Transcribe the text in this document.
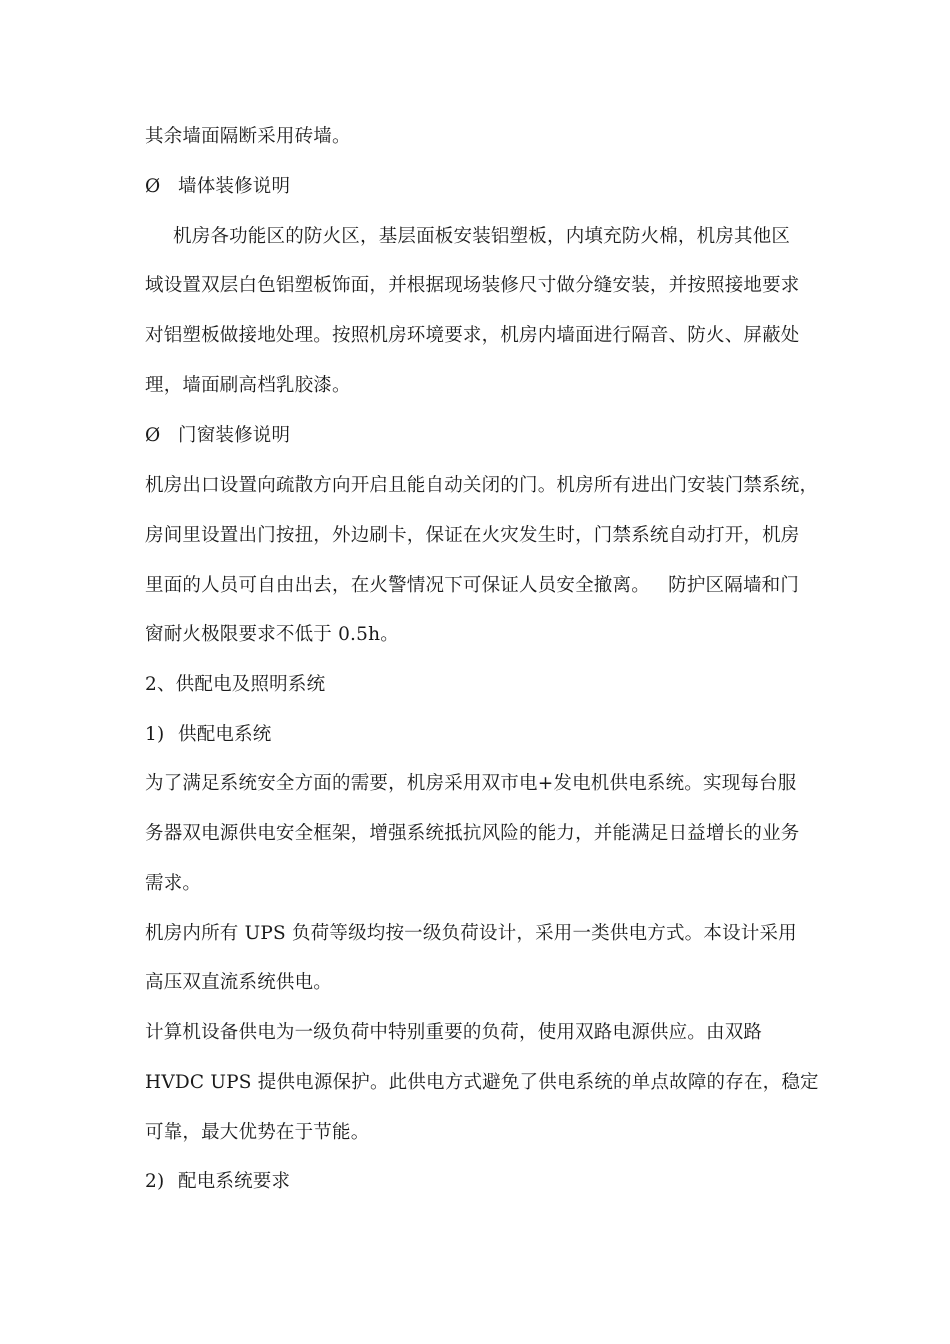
其余墙面隔断采用砖墙。
Ø 墙体装修说明
机房各功能区的防火区，基层面板安装铝塑板，内填充防火棉，机房其他区
域设置双层白色铝塑板饰面，并根据现场装修尺寸做分缝安装，并按照接地要求
对铝塑板做接地处理。按照机房环境要求，机房内墙面进行隔音、防火、屏蔽处
理，墙面刷高档乳胶漆。
Ø 门窗装修说明
机房出口设置向疏散方向开启且能自动关闭的门。机房所有进出门安装门禁系统，
房间里设置出门按扭，外边刷卡，保证在火灾发生时，门禁系统自动打开，机房
里面的人员可自由出去，在火警情况下可保证人员安全撤离。   防护区隔墙和门
窗耐火极限要求不低于 0.5h。
2、供配电及照明系统
1) 供配电系统
为了满足系统安全方面的需要，机房采用双市电+发电机供电系统。实现每台服
务器双电源供电安全框架，增强系统抵抗风险的能力，并能满足日益增长的业务
需求。
机房内所有 UPS 负荷等级均按一级负荷设计，采用一类供电方式。本设计采用
高压双直流系统供电。
计算机设备供电为一级负荷中特别重要的负荷，使用双路电源供应。由双路
HVDC UPS 提供电源保护。此供电方式避免了供电系统的单点故障的存在，稳定
可靠，最大优势在于节能。
2) 配电系统要求
